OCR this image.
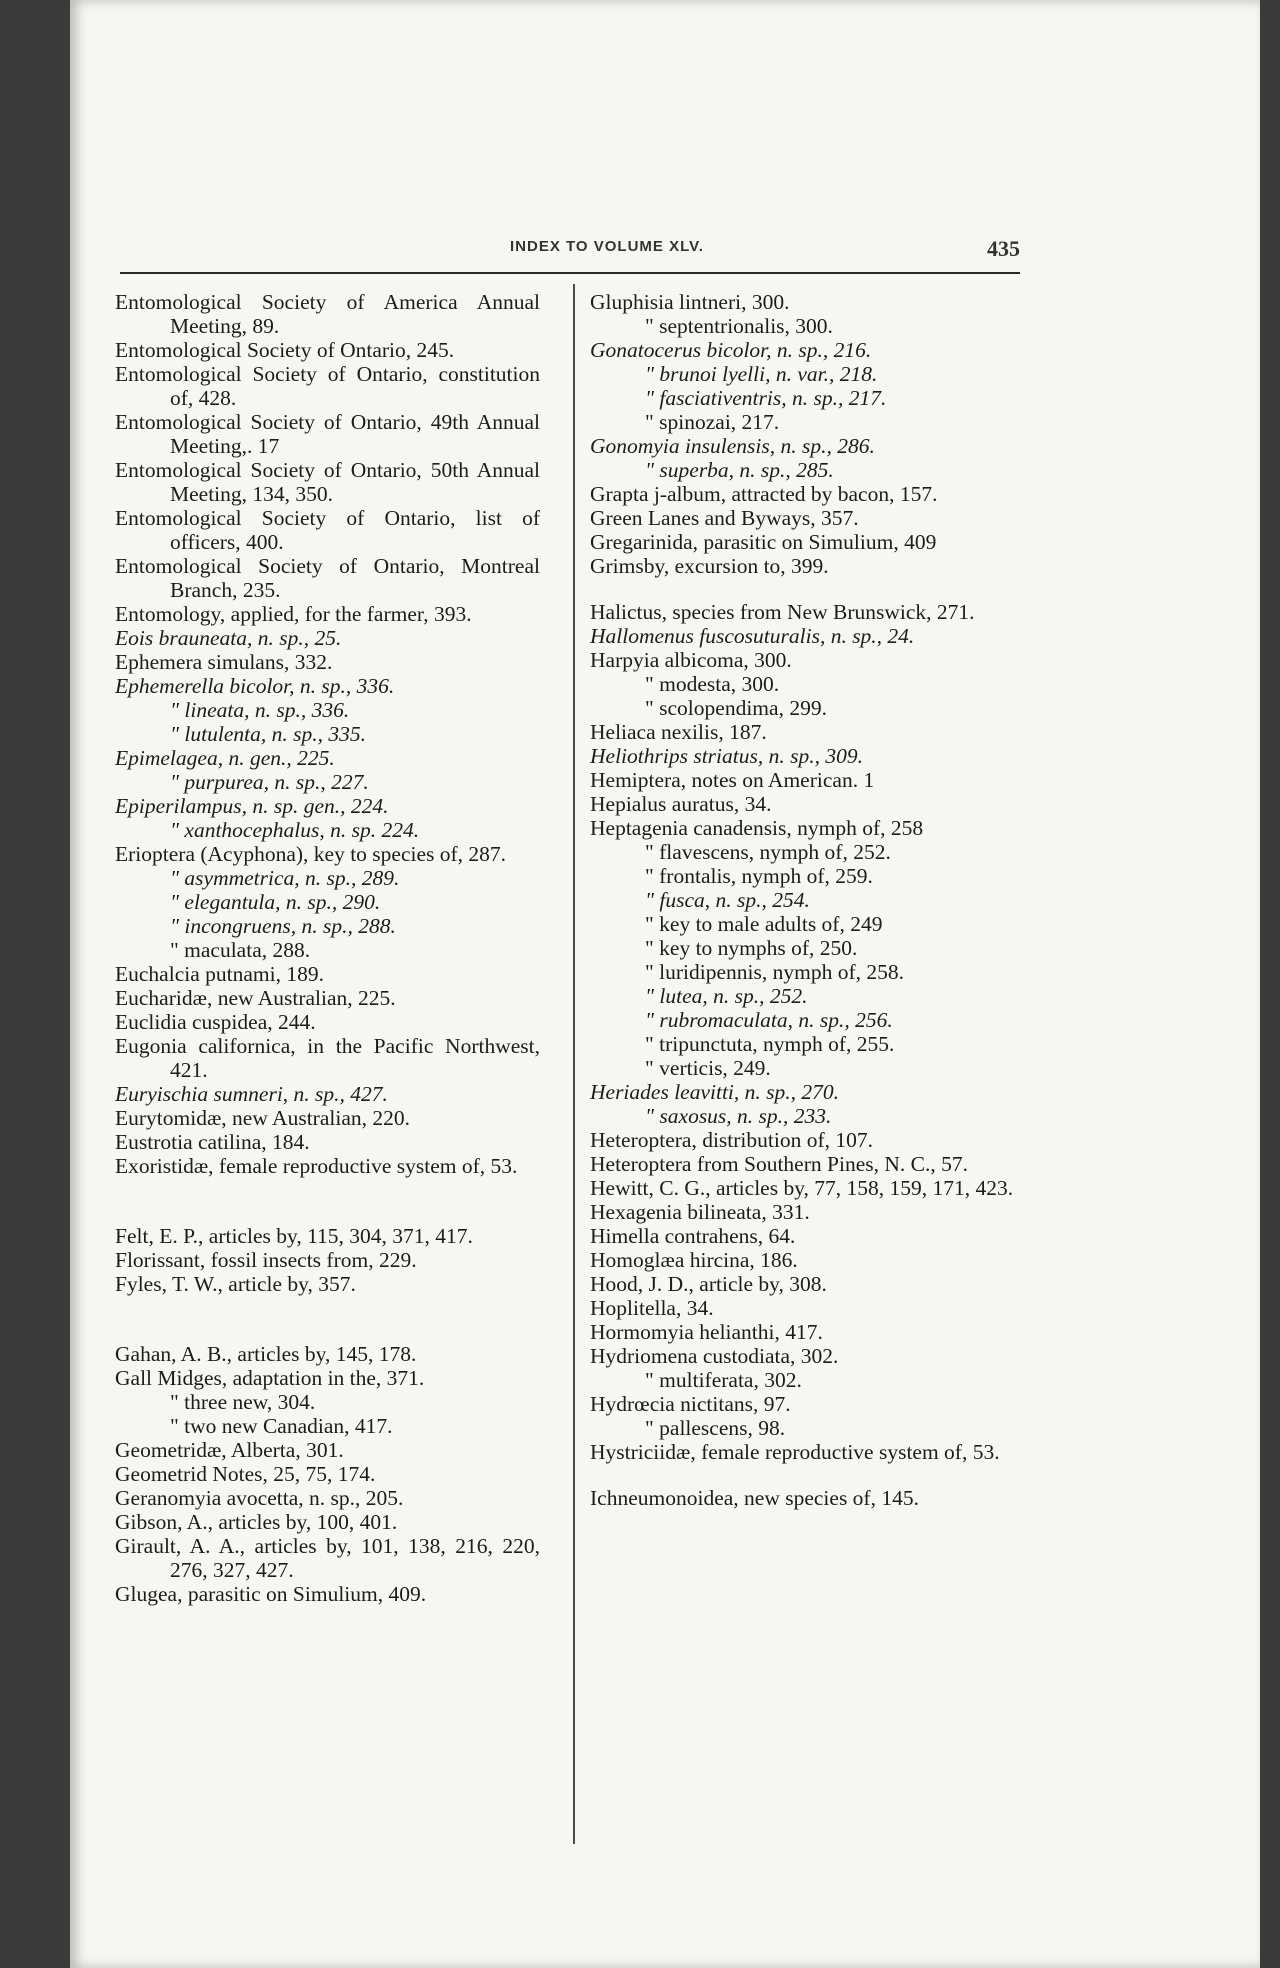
INDEX TO VOLUME XLV.	435

Entomological Society of America Annual Meeting, 89.

Entomological Society of Ontario, 245.

Entomological Society of Ontario, constitution of, 428.

Entomological Society of Ontario, 49th Annual Meeting,. 17

Entomological Society of Ontario, 50th Annual Meeting, 134, 350.

Entomological Society of Ontario, list of officers, 400.

Entomological Society of Ontario, Montreal Branch, 235.

Entomology, applied, for the farmer, 393.

Eois brauneata, n. sp., 25.

Ephemera simulans, 332.

Ephemerella bicolor, n. sp., 336.

" lineata, n. sp., 336.

" lutulenta, n. sp., 335.

Epimelagea, n. gen., 225.

" purpurea, n. sp., 227.

Epiperilampus, n. sp. gen., 224.

" xanthocephalus, n. sp. 224.

Erioptera (Acyphona), key to species of, 287.

" asymmetrica, n. sp., 289.

" elegantula, n. sp., 290.

" incongruens, n. sp., 288.

" maculata, 288.

Euchalcia putnami, 189.

Eucharidæ, new Australian, 225.

Euclidia cuspidea, 244.

Eugonia californica, in the Pacific Northwest, 421.

Euryischia sumneri, n. sp., 427.

Eurytomidæ, new Australian, 220.

Eustrotia catilina, 184.

Exoristidæ, female reproductive system of, 53.

Felt, E. P., articles by, 115, 304, 371, 417.

Florissant, fossil insects from, 229.

Fyles, T. W., article by, 357.

Gahan, A. B., articles by, 145, 178.

Gall Midges, adaptation in the, 371.

" three new, 304.

" two new Canadian, 417.

Geometridæ, Alberta, 301.

Geometrid Notes, 25, 75, 174.

Geranomyia avocetta, n. sp., 205.

Gibson, A., articles by, 100, 401.

Girault, A. A., articles by, 101, 138, 216, 220, 276, 327, 427.

Glugea, parasitic on Simulium, 409.

Gluphisia lintneri, 300.

" septentrionalis, 300.

Gonatocerus bicolor, n. sp., 216.

" brunoi lyelli, n. var., 218.

" fasciativentris, n. sp., 217.

" spinozai, 217.

Gonomyia insulensis, n. sp., 286.

" superba, n. sp., 285.

Grapta j-album, attracted by bacon, 157.

Green Lanes and Byways, 357.

Gregarinida, parasitic on Simulium, 409

Grimsby, excursion to, 399.

Halictus, species from New Brunswick, 271.

Hallomenus fuscosuturalis, n. sp., 24.

Harpyia albicoma, 300.

" modesta, 300.

" scolopendima, 299.

Heliaca nexilis, 187.

Heliothrips striatus, n. sp., 309.

Hemiptera, notes on American. 1

Hepialus auratus, 34.

Heptagenia canadensis, nymph of, 258

" flavescens, nymph of, 252.

" frontalis, nymph of, 259.

" fusca, n. sp., 254.

" key to male adults of, 249

" key to nymphs of, 250.

" luridipennis, nymph of, 258.

" lutea, n. sp., 252.

" rubromaculata, n. sp., 256.

" tripunctuta, nymph of, 255.

" verticis, 249.

Heriades leavitti, n. sp., 270.

" saxosus, n. sp., 233.

Heteroptera, distribution of, 107.

Heteroptera from Southern Pines, N. C., 57.

Hewitt, C. G., articles by, 77, 158, 159, 171, 423.

Hexagenia bilineata, 331.

Himella contrahens, 64.

Homoglæa hircina, 186.

Hood, J. D., article by, 308.

Hoplitella, 34.

Hormomyia helianthi, 417.

Hydriomena custodiata, 302.

" multiferata, 302.

Hydrœcia nictitans, 97.

" pallescens, 98.

Hystriciidæ, female reproductive system of, 53.

Ichneumonoidea, new species of, 145.
